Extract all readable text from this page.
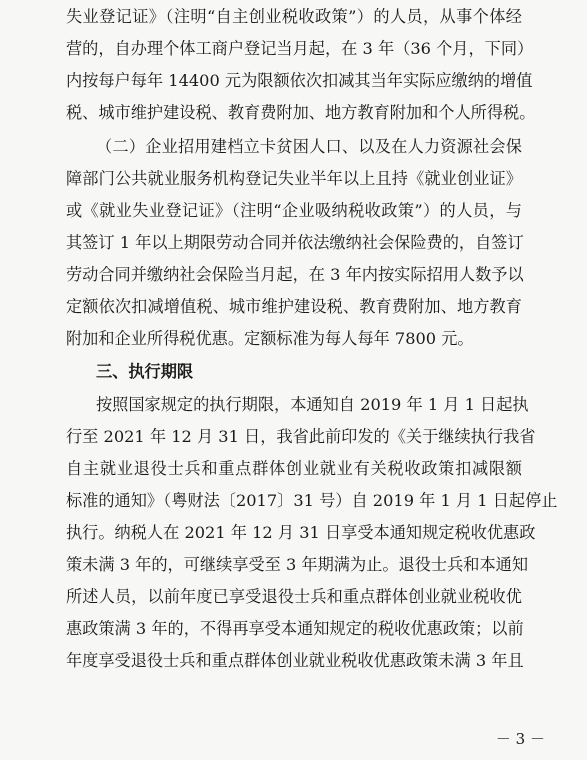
失业登记证》（注明“自主创业税收政策”）的人员，从事个体经
营的，自办理个体工商户登记当月起，在 3 年（36 个月，下同）
内按每户每年 14400 元为限额依次扣减其当年实际应缴纳的增值
税、城市维护建设税、教育费附加、地方教育附加和个人所得税。
（二）企业招用建档立卡贫困人口、以及在人力资源社会保
障部门公共就业服务机构登记失业半年以上且持《就业创业证》
或《就业失业登记证》（注明“企业吸纳税收政策”）的人员，与
其签订 1 年以上期限劳动合同并依法缴纳社会保险费的，自签订
劳动合同并缴纳社会保险当月起，在 3 年内按实际招用人数予以
定额依次扣减增值税、城市维护建设税、教育费附加、地方教育
附加和企业所得税优惠。定额标准为每人每年 7800 元。
三、执行期限
按照国家规定的执行期限，本通知自 2019 年 1 月 1 日起执
行至 2021 年 12 月 31 日，我省此前印发的《关于继续执行我省
自主就业退役士兵和重点群体创业就业有关税收政策扣减限额
标准的通知》（粤财法〔2017〕31 号）自 2019 年 1 月 1 日起停止
执行。纳税人在 2021 年 12 月 31 日享受本通知规定税收优惠政
策未满 3 年的，可继续享受至 3 年期满为止。退役士兵和本通知
所述人员，以前年度已享受退役士兵和重点群体创业就业税收优
惠政策满 3 年的，不得再享受本通知规定的税收优惠政策；以前
年度享受退役士兵和重点群体创业就业税收优惠政策未满 3 年且
－ 3 －
